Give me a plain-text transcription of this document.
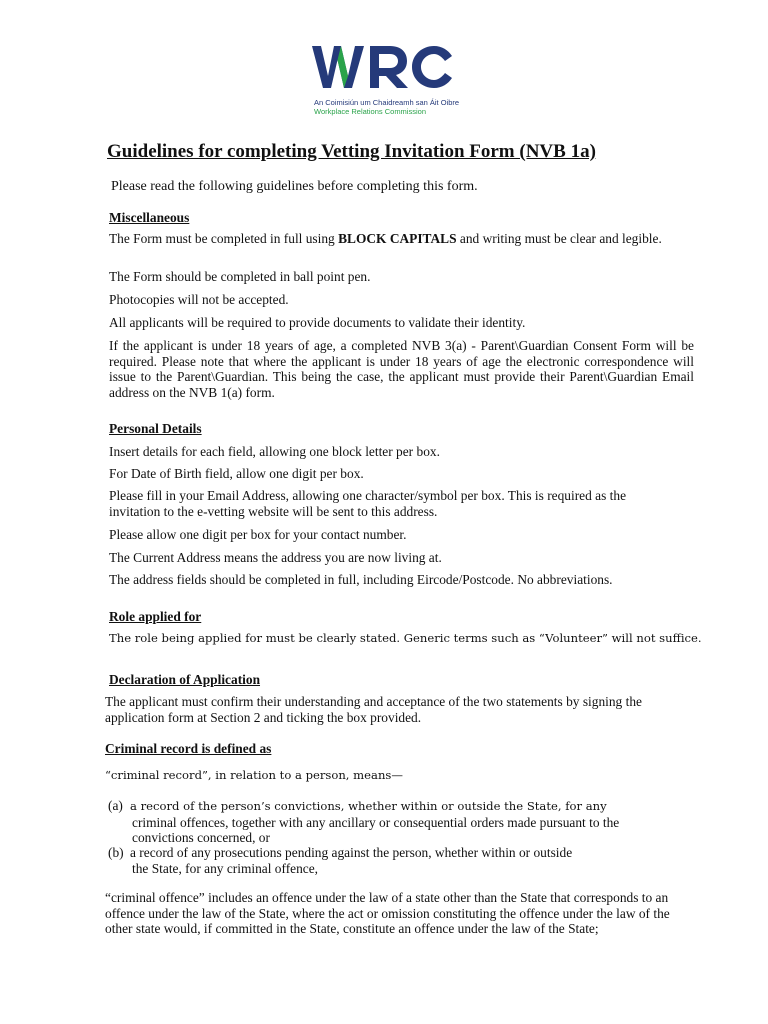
An Coimisiún um Chaidreamh san Áit Oibre
Workplace Relations Commission
Guidelines for completing Vetting Invitation Form (NVB 1a)
Please read the following guidelines before completing this form.
Miscellaneous
The Form must be completed in full using BLOCK CAPITALS and writing must be clear and legible.
The Form should be completed in ball point pen.
Photocopies will not be accepted.
All applicants will be required to provide documents to validate their identity.
If the applicant is under 18 years of age, a completed NVB 3(a) - Parent\Guardian Consent Form will be required. Please note that where the applicant is under 18 years of age the electronic correspondence will issue to the Parent\Guardian. This being the case, the applicant must provide their Parent\Guardian Email address on the NVB 1(a) form.
Personal Details
Insert details for each field, allowing one block letter per box.
For Date of Birth field, allow one digit per box.
Please fill in your Email Address, allowing one character/symbol per box. This is required as the invitation to the e-vetting website will be sent to this address.
Please allow one digit per box for your contact number.
The Current Address means the address you are now living at.
The address fields should be completed in full, including Eircode/Postcode. No abbreviations.
Role applied for
The role being applied for must be clearly stated. Generic terms such as “Volunteer” will not suffice.
Declaration of Application
The applicant must confirm their understanding and acceptance of the two statements by signing the application form at Section 2 and ticking the box provided.
Criminal record is defined as
“criminal record”, in relation to a person, means—
(a) a record of the person’s convictions, whether within or outside the State, for any
criminal offences, together with any ancillary or consequential orders made pursuant to the convictions concerned, or
(b) a record of any prosecutions pending against the person, whether within or outside
the State, for any criminal offence,
“criminal offence” includes an offence under the law of a state other than the State that corresponds to an offence under the law of the State, where the act or omission constituting the offence under the law of the other state would, if committed in the State, constitute an offence under the law of the State;
